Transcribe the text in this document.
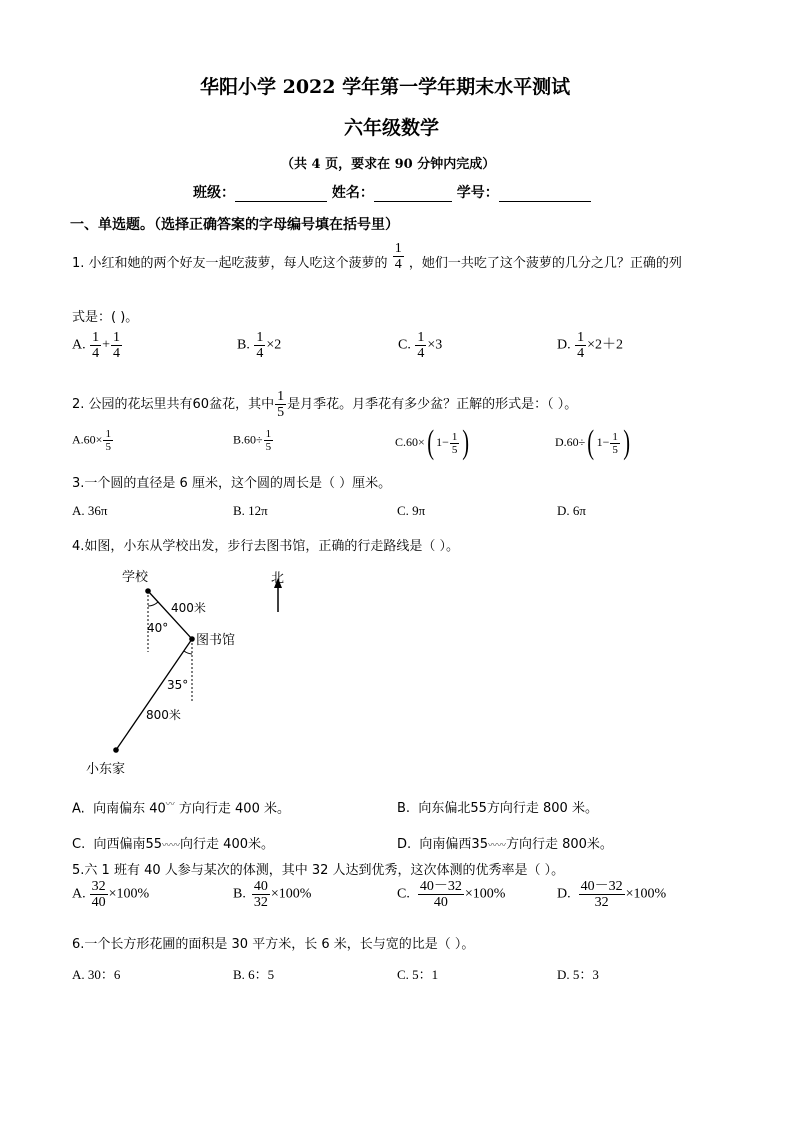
华阳小学 2022 学年第一学年期末水平测试
六年级数学
（共 4 页，要求在 90 分钟内完成）
班级：	姓名：	学号：
一、单选题。（选择正确答案的字母编号填在括号里）
1. 小红和她的两个好友一起吃菠萝，每人吃这个菠萝的 $\frac{1}{4}$ ，她们一共吃了这个菠萝的几分之几？正确的列
式是：( )。
A. $\frac{1}{4} + \frac{1}{4}$	B. $\frac{1}{4} \times 2$	C. $\frac{1}{4} \times 3$	D. $\frac{1}{4} \times 2+2$
2. 公园的花坛里共有60盆花，其中 $\frac{1}{5}$ 是月季花。月季花有多少盆？正解的形式是：（ ）。
$A.60\times \frac{1}{5}$	$B.60\div \frac{1}{5}$	C.60×( $1- \frac{1}{5}$ )	D.60÷( $1- \frac{1}{5}$ )
3.一个圆的直径是 6 厘米，这个圆的周长是（ ）厘米。
A. 36π	B. 12π	C. 9π	D. 6π
4.如图，小东从学校出发，步行去图书馆，正确的行走路线是（ ）。
学校
图书馆
小东家
北
400米
800米
40°
35°
A. 向南偏东 40〰 方向行走 400 米。	B. 向东偏北55方向行走 800 米。
C. 向西偏南55〰〰向行走 400米。	D. 向南偏西35〰〰方向行走 800米。
5.六 1 班有 40 人参与某次的体测，其中 32 人达到优秀，这次体测的优秀率是（ ）。
A. $\frac{32}{40} \times 100\%$	B. $\frac{40}{32} \times 100\%$	C. $\frac{40-32}{40} \times 100\%$	D. $\frac{40-32}{32} \times 100\%$
6.一个长方形花圃的面积是 30 平方米，长 6 米，长与宽的比是（ ）。
A. 30：6	B. 6：5	C. 5：1	D. 5：3
